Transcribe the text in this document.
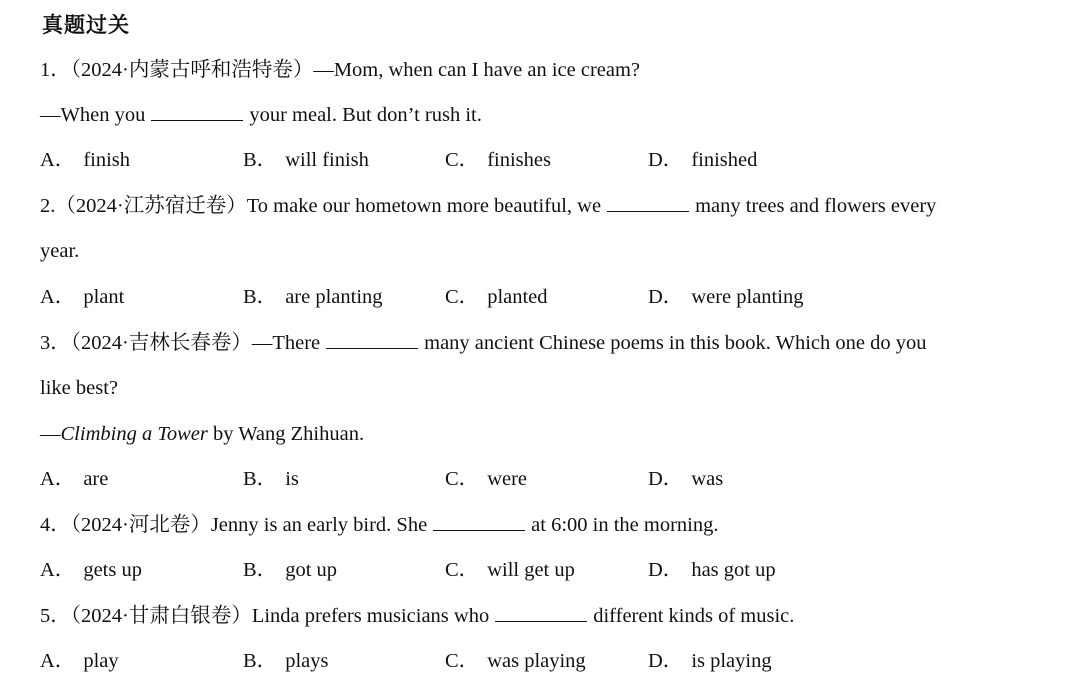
真题过关
1．（2024·内蒙古呼和浩特卷）—Mom, when can I have an ice cream?
—When you	your meal. But don’t rush it.
A． finish	B． will finish	C． finishes	D． finished
2.（2024·江苏宿迁卷）To make our hometown more beautiful, we	many trees and flowers every
year.
A． plant	B． are planting	C． planted	D． were planting
3．（2024·吉林长春卷）—There	many ancient Chinese poems in this book. Which one do you
like best?
—Climbing a Tower by Wang Zhihuan.
A． are	B． is	C． were	D． was
4．（2024·河北卷）Jenny is an early bird. She	at 6:00 in the morning.
A． gets up	B． got up	C． will get up	D． has got up
5．（2024·甘肃白银卷）Linda prefers musicians who	different kinds of music.
A． play	B． plays	C． was playing	D． is playing
